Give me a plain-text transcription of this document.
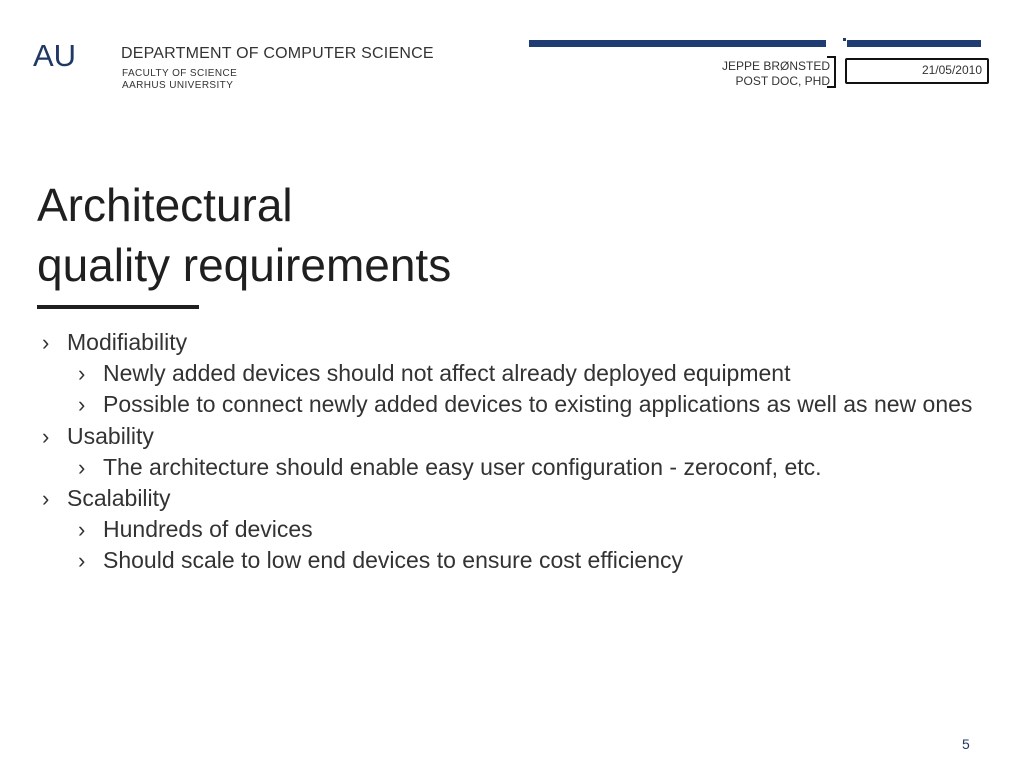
AU	DEPARTMENT OF COMPUTER SCIENCE
FACULTY OF SCIENCE
AARHUS UNIVERSITY
JEPPE BRØNSTED
POST DOC, PHD
21/05/2010
Architectural
quality requirements
› Modifiability
› Newly added devices should not affect already deployed equipment
› Possible to connect newly added devices to existing applications as well as new ones
› Usability
› The architecture should enable easy user configuration - zeroconf, etc.
› Scalability
› Hundreds of devices
› Should scale to low end devices to ensure cost efficiency
5
